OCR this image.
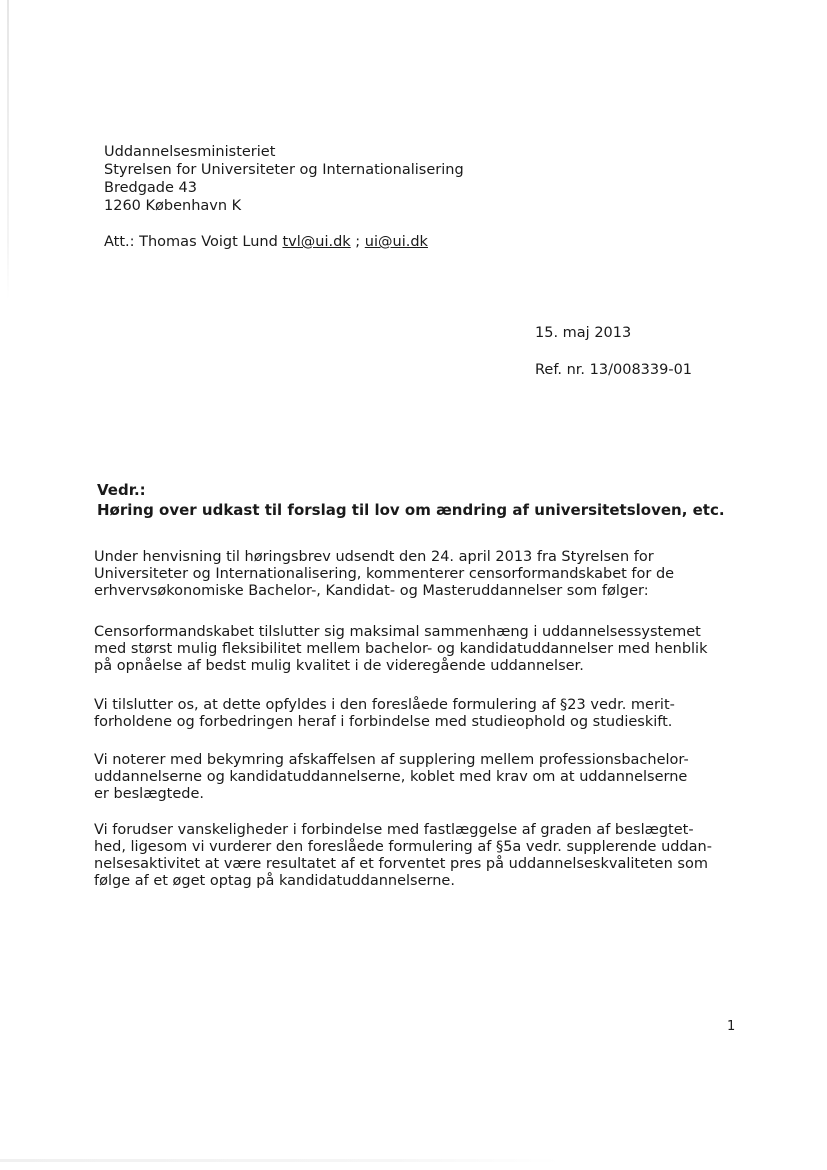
Uddannelsesministeriet
Styrelsen for Universiteter og Internationalisering
Bredgade 43
1260 København K
Att.: Thomas Voigt Lund tvl@ui.dk ; ui@ui.dk
15. maj 2013
Ref. nr. 13/008339-01
Vedr.:
Høring over udkast til forslag til lov om ændring af universitetsloven, etc.
Under henvisning til høringsbrev udsendt den 24. april 2013 fra Styrelsen for
Universiteter og Internationalisering, kommenterer censorformandskabet for de
erhvervsøkonomiske Bachelor-, Kandidat- og Masteruddannelser som følger:
Censorformandskabet tilslutter sig maksimal sammenhæng i uddannelsessystemet
med størst mulig fleksibilitet mellem bachelor- og kandidatuddannelser med henblik
på opnåelse af bedst mulig kvalitet i de videregående uddannelser.
Vi tilslutter os, at dette opfyldes i den foreslåede formulering af §23 vedr. merit-
forholdene og forbedringen heraf i forbindelse med studieophold og studieskift.
Vi noterer med bekymring afskaffelsen af supplering mellem professionsbachelor-
uddannelserne og kandidatuddannelserne, koblet med krav om at uddannelserne
er beslægtede.
Vi forudser vanskeligheder i forbindelse med fastlæggelse af graden af beslægtet-
hed, ligesom vi vurderer den foreslåede formulering af §5a vedr. supplerende uddan-
nelsesaktivitet at være resultatet af et forventet pres på uddannelseskvaliteten som
følge af et øget optag på kandidatuddannelserne.
1
